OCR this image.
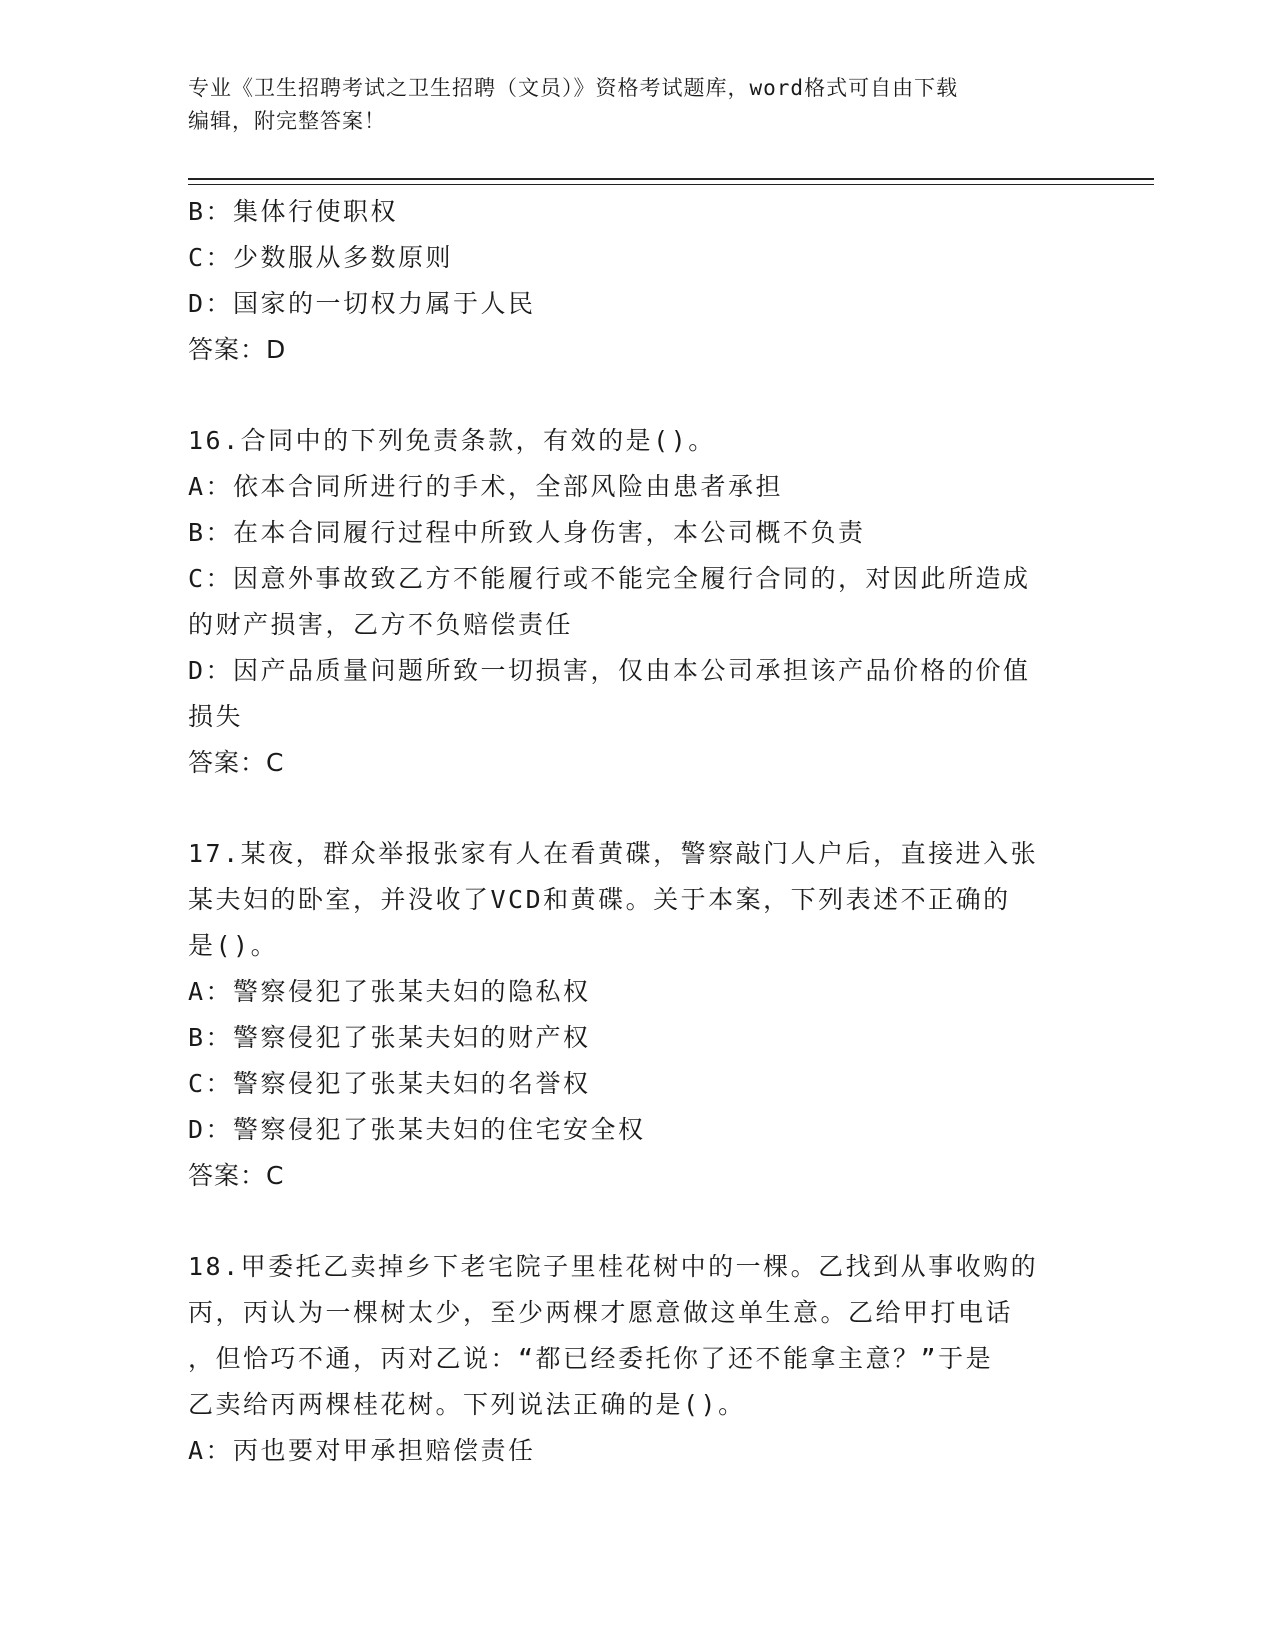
专业《卫生招聘考试之卫生招聘（文员）》资格考试题库，word格式可自由下载
编辑，附完整答案！
B：集体行使职权
C：少数服从多数原则
D：国家的一切权力属于人民
答案：D
16.合同中的下列免责条款，有效的是()。
A：依本合同所进行的手术，全部风险由患者承担
B：在本合同履行过程中所致人身伤害，本公司概不负责
C：因意外事故致乙方不能履行或不能完全履行合同的，对因此所造成
的财产损害，乙方不负赔偿责任
D：因产品质量问题所致一切损害，仅由本公司承担该产品价格的价值
损失
答案：C
17.某夜，群众举报张家有人在看黄碟，警察敲门人户后，直接进入张
某夫妇的卧室，并没收了VCD和黄碟。关于本案，下列表述不正确的
是()。
A：警察侵犯了张某夫妇的隐私权
B：警察侵犯了张某夫妇的财产权
C：警察侵犯了张某夫妇的名誉权
D：警察侵犯了张某夫妇的住宅安全权
答案：C
18.甲委托乙卖掉乡下老宅院子里桂花树中的一棵。乙找到从事收购的
丙，丙认为一棵树太少，至少两棵才愿意做这单生意。乙给甲打电话
，但恰巧不通，丙对乙说：“都已经委托你了还不能拿主意？”于是
乙卖给丙两棵桂花树。下列说法正确的是()。
A：丙也要对甲承担赔偿责任
